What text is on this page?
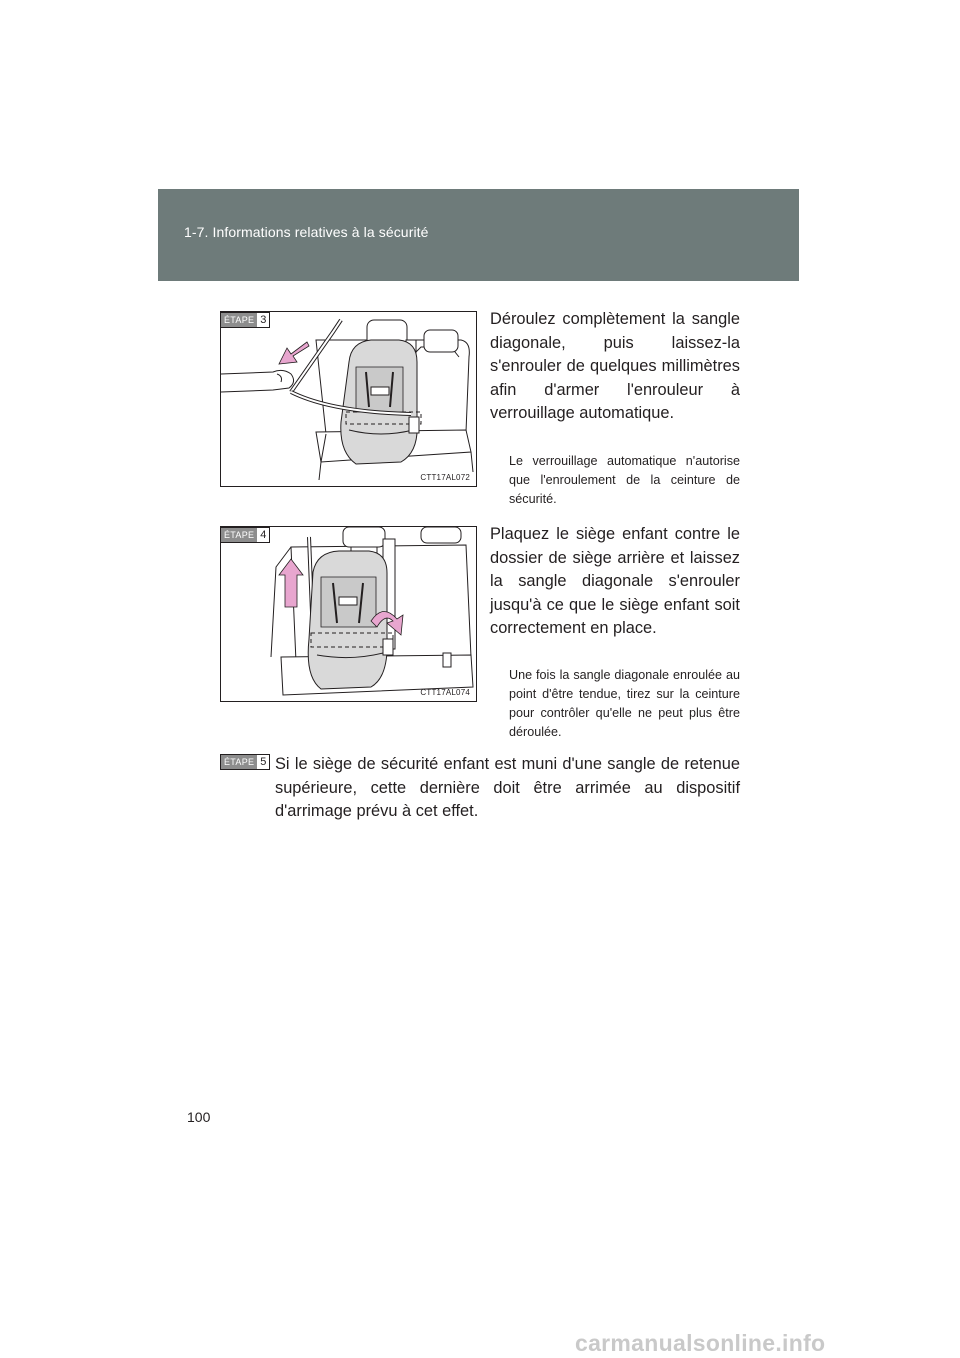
1-7. Informations relatives à la sécurité
ÉTAPE 3
CTT17AL072

Déroulez complètement la sangle diagonale, puis laissez-la s'enrouler de quelques millimètres afin d'armer l'enrouleur à verrouillage automatique.

Le verrouillage automatique n'autorise que l'enroulement de la ceinture de sécurité.

ÉTAPE 4
CTT17AL074

Plaquez le siège enfant contre le dossier de siège arrière et laissez la sangle diagonale s'enrouler jusqu'à ce que le siège enfant soit correctement en place.

Une fois la sangle diagonale enroulée au point d'être tendue, tirez sur la ceinture pour contrôler qu'elle ne peut plus être déroulée.

ÉTAPE 5 Si le siège de sécurité enfant est muni d'une sangle de retenue supérieure, cette dernière doit être arrimée au dispositif d'arrimage prévu à cet effet.

100
carmanualsonline.info
